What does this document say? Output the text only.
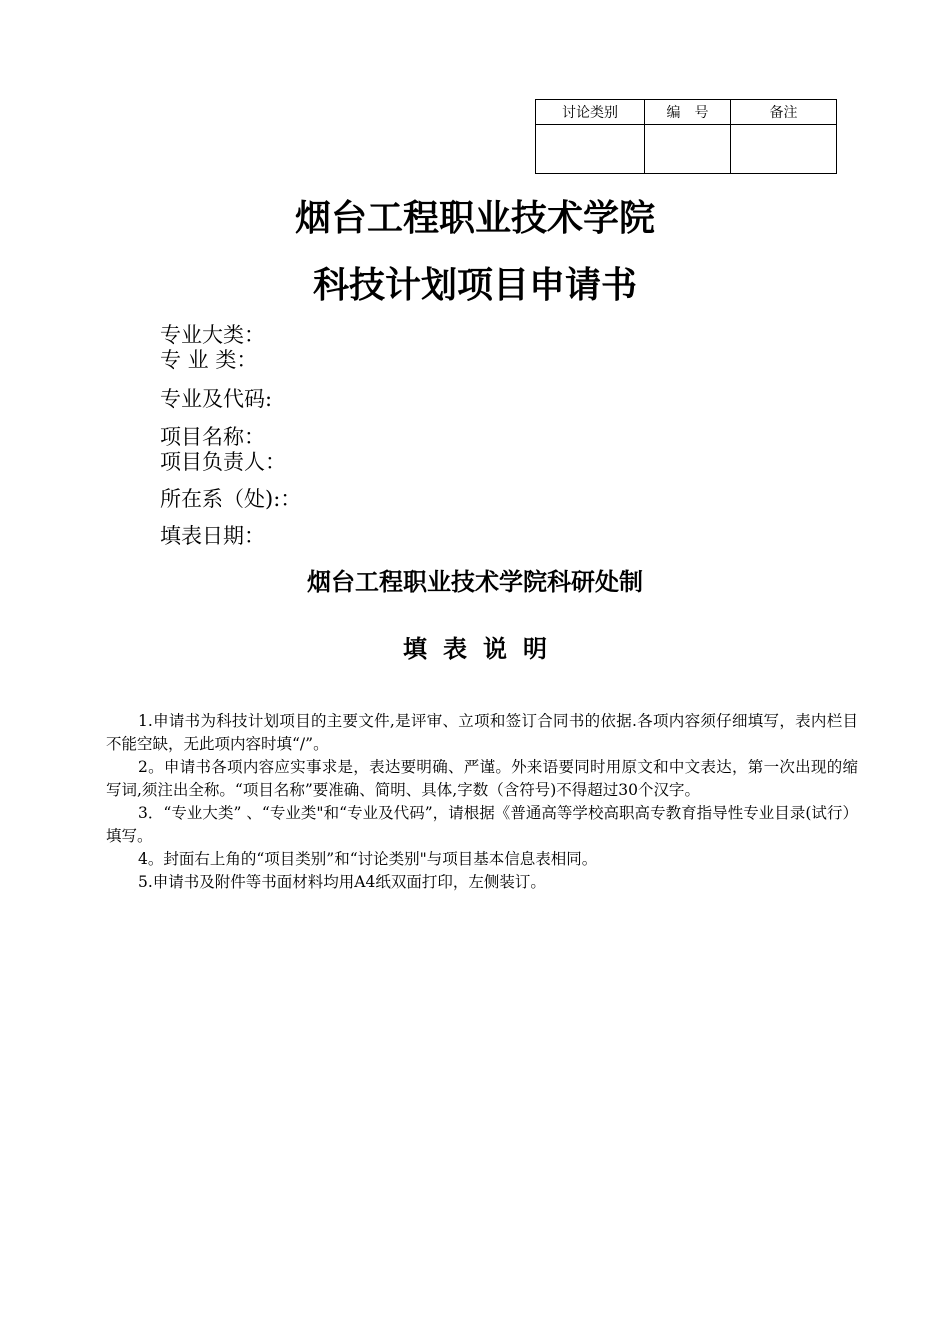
讨论类别	编　号	备注

烟台工程职业技术学院
科技计划项目申请书
专业大类：
专 业 类：
专业及代码:
项目名称：
项目负责人：
所在系（处):：
填表日期：
烟台工程职业技术学院科研处制
填表说明

1.申请书为科技计划项目的主要文件,是评审、立项和签订合同书的依据.各项内容须仔细填写，表内栏目不能空缺，无此项内容时填“/”。

2。申请书各项内容应实事求是，表达要明确、严谨。外来语要同时用原文和中文表达，第一次出现的缩写词,须注出全称。“项目名称”要准确、简明、具体,字数（含符号)不得超过30个汉字。

3．“专业大类” 、“专业类"和“专业及代码”，请根据《普通高等学校高职高专教育指导性专业目录(试行）填写。

4。封面右上角的“项目类别”和“讨论类别"与项目基本信息表相同。

5.申请书及附件等书面材料均用A4纸双面打印，左侧装订。
